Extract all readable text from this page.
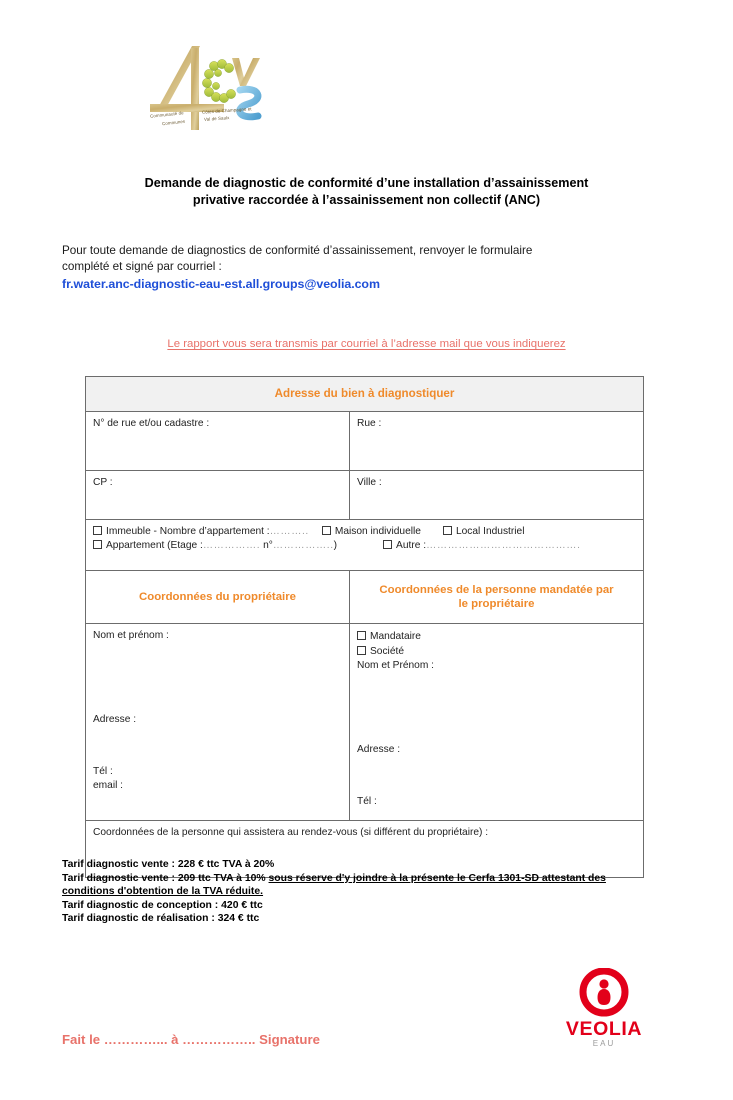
Communauté de
Communes
Côtes de Champagne et
Val de Saulx
Demande de diagnostic de conformité d’une installation d’assainissement
privative raccordée à l’assainissement non collectif (ANC)
Pour toute demande de diagnostics de conformité d’assainissement, renvoyer le formulaire
complété et signé par courriel :
fr.water.anc-diagnostic-eau-est.all.groups@veolia.com
Le rapport vous sera transmis par courriel à l’adresse mail que vous indiquerez
Adresse du bien à diagnostiquer	

N° de rue et/ou cadastre :	Rue :

CP :	Ville :

Immeuble - Nombre d’appartement :……….. Maison individuelle Local Industriel
Appartement (Etage :……………. n°……………..) Autre :…………………………………….	

Coordonnées du propriétaire	Coordonnées de la personne mandatée par
le propriétaire

Nom et prénom :
Adresse :
Tél :
email :

Mandataire
Société
Nom et Prénom :
Adresse :
Tél :

Coordonnées de la personne qui assistera au rendez-vous (si différent du propriétaire) :	
Tarif diagnostic vente : 228 € ttc TVA à 20%
Tarif diagnostic vente : 209 ttc TVA à 10% sous réserve d'y joindre à la présente le Cerfa 1301-SD attestant des conditions d'obtention de la TVA réduite.
Tarif diagnostic de conception : 420 € ttc
Tarif diagnostic de réalisation : 324 € ttc
VEOLIA
EAU
Fait le …………... à …………….. Signature
